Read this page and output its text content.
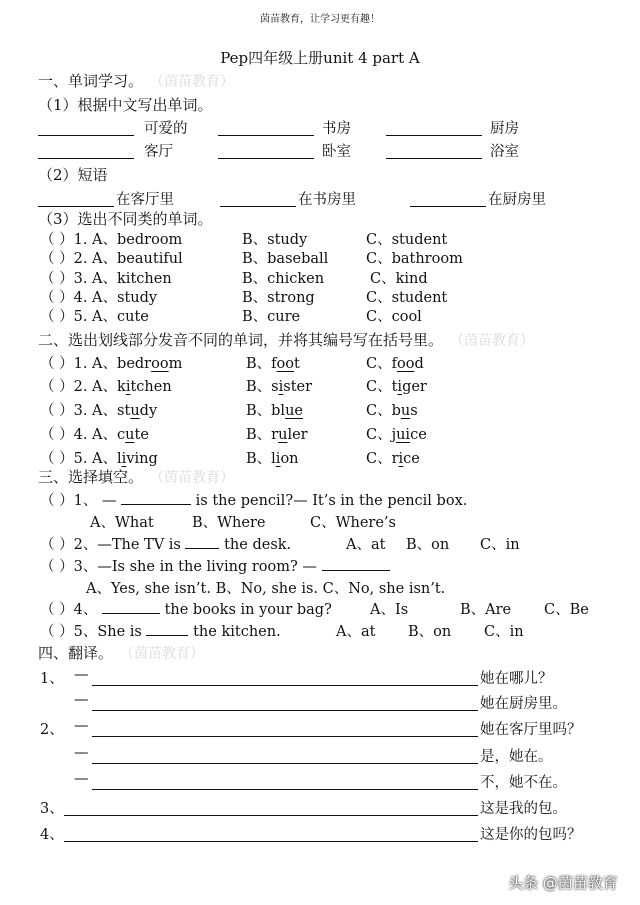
茵苗教育，让学习更有趣！
Pep四年级上册unit 4 part A
一、单词学习。 （茵苗教育）
（1）根据中文写出单词。
可爱的	书房	厨房
客厅	卧室	浴室
（2）短语
在客厅里	在书房里	在厨房里
（3）选出不同类的单词。
（ ）1. A、bedroom	B、study	C、student
（ ）2. A、beautiful	B、baseball	C、bathroom
（ ）3. A、kitchen	B、chicken	C、kind
（ ）4. A、study	B、strong	C、student
（ ）5. A、cute	B、cure	C、cool
二、选出划线部分发音不同的单词，并将其编号写在括号里。 （茵苗教育）
（ ）1. A、bedroom	B、foot	C、food
（ ）2. A、kitchen	B、sister	C、tiger
（ ）3. A、study	B、blue	C、bus
（ ）4. A、cute	B、ruler	C、juice
（ ）5. A、living	B、lion	C、rice
三、选择填空。 （茵苗教育）
（ ）1、 —	is the pencil?— It’s in the pencil box.
A、What	B、Where	C、Where’s
（ ）2、—The TV is	the desk.	A、at B、on C、in
（ ）3、—Is she in the living room? —
A、Yes, she isn’t. B、No, she is. C、No, she isn’t.
（ ）4、	the books in your bag?	A、Is	B、Are C、Be
（ ）5、She is	the kitchen.	A、at B、on C、in
四、翻译。 （茵苗教育）
1、 —	她在哪儿？
—	她在厨房里。
2、 —	她在客厅里吗？
—	是，她在。
—	不，她不在。
3、	这是我的包。
4、	这是你的包吗？
头条 @茵苗教育
